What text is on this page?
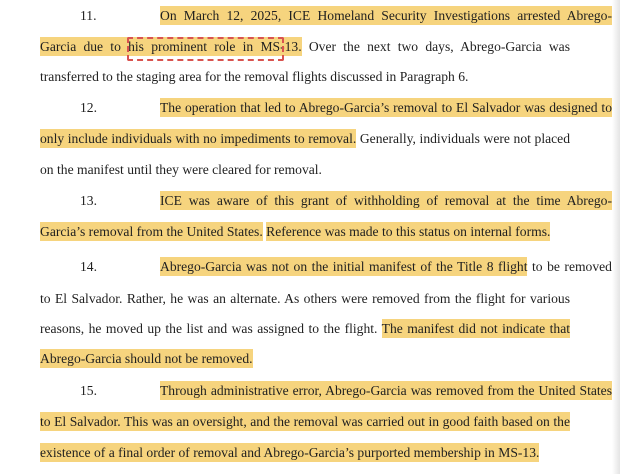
11.	On March 12, 2025, ICE Homeland Security Investigations arrested Abrego-
Garcia due to his prominent role in MS-13. Over the next two days, Abrego-Garcia was
transferred to the staging area for the removal flights discussed in Paragraph 6.
12.	The operation that led to Abrego-Garcia’s removal to El Salvador was designed to
only include individuals with no impediments to removal. Generally, individuals were not placed
on the manifest until they were cleared for removal.
13.	ICE was aware of this grant of withholding of removal at the time Abrego-
Garcia’s removal from the United States. Reference was made to this status on internal forms.
14.	Abrego-Garcia was not on the initial manifest of the Title 8 flight to be removed
to El Salvador. Rather, he was an alternate. As others were removed from the flight for various
reasons, he moved up the list and was assigned to the flight. The manifest did not indicate that
Abrego-Garcia should not be removed.
15.	Through administrative error, Abrego-Garcia was removed from the United States
to El Salvador. This was an oversight, and the removal was carried out in good faith based on the
existence of a final order of removal and Abrego-Garcia’s purported membership in MS-13.
